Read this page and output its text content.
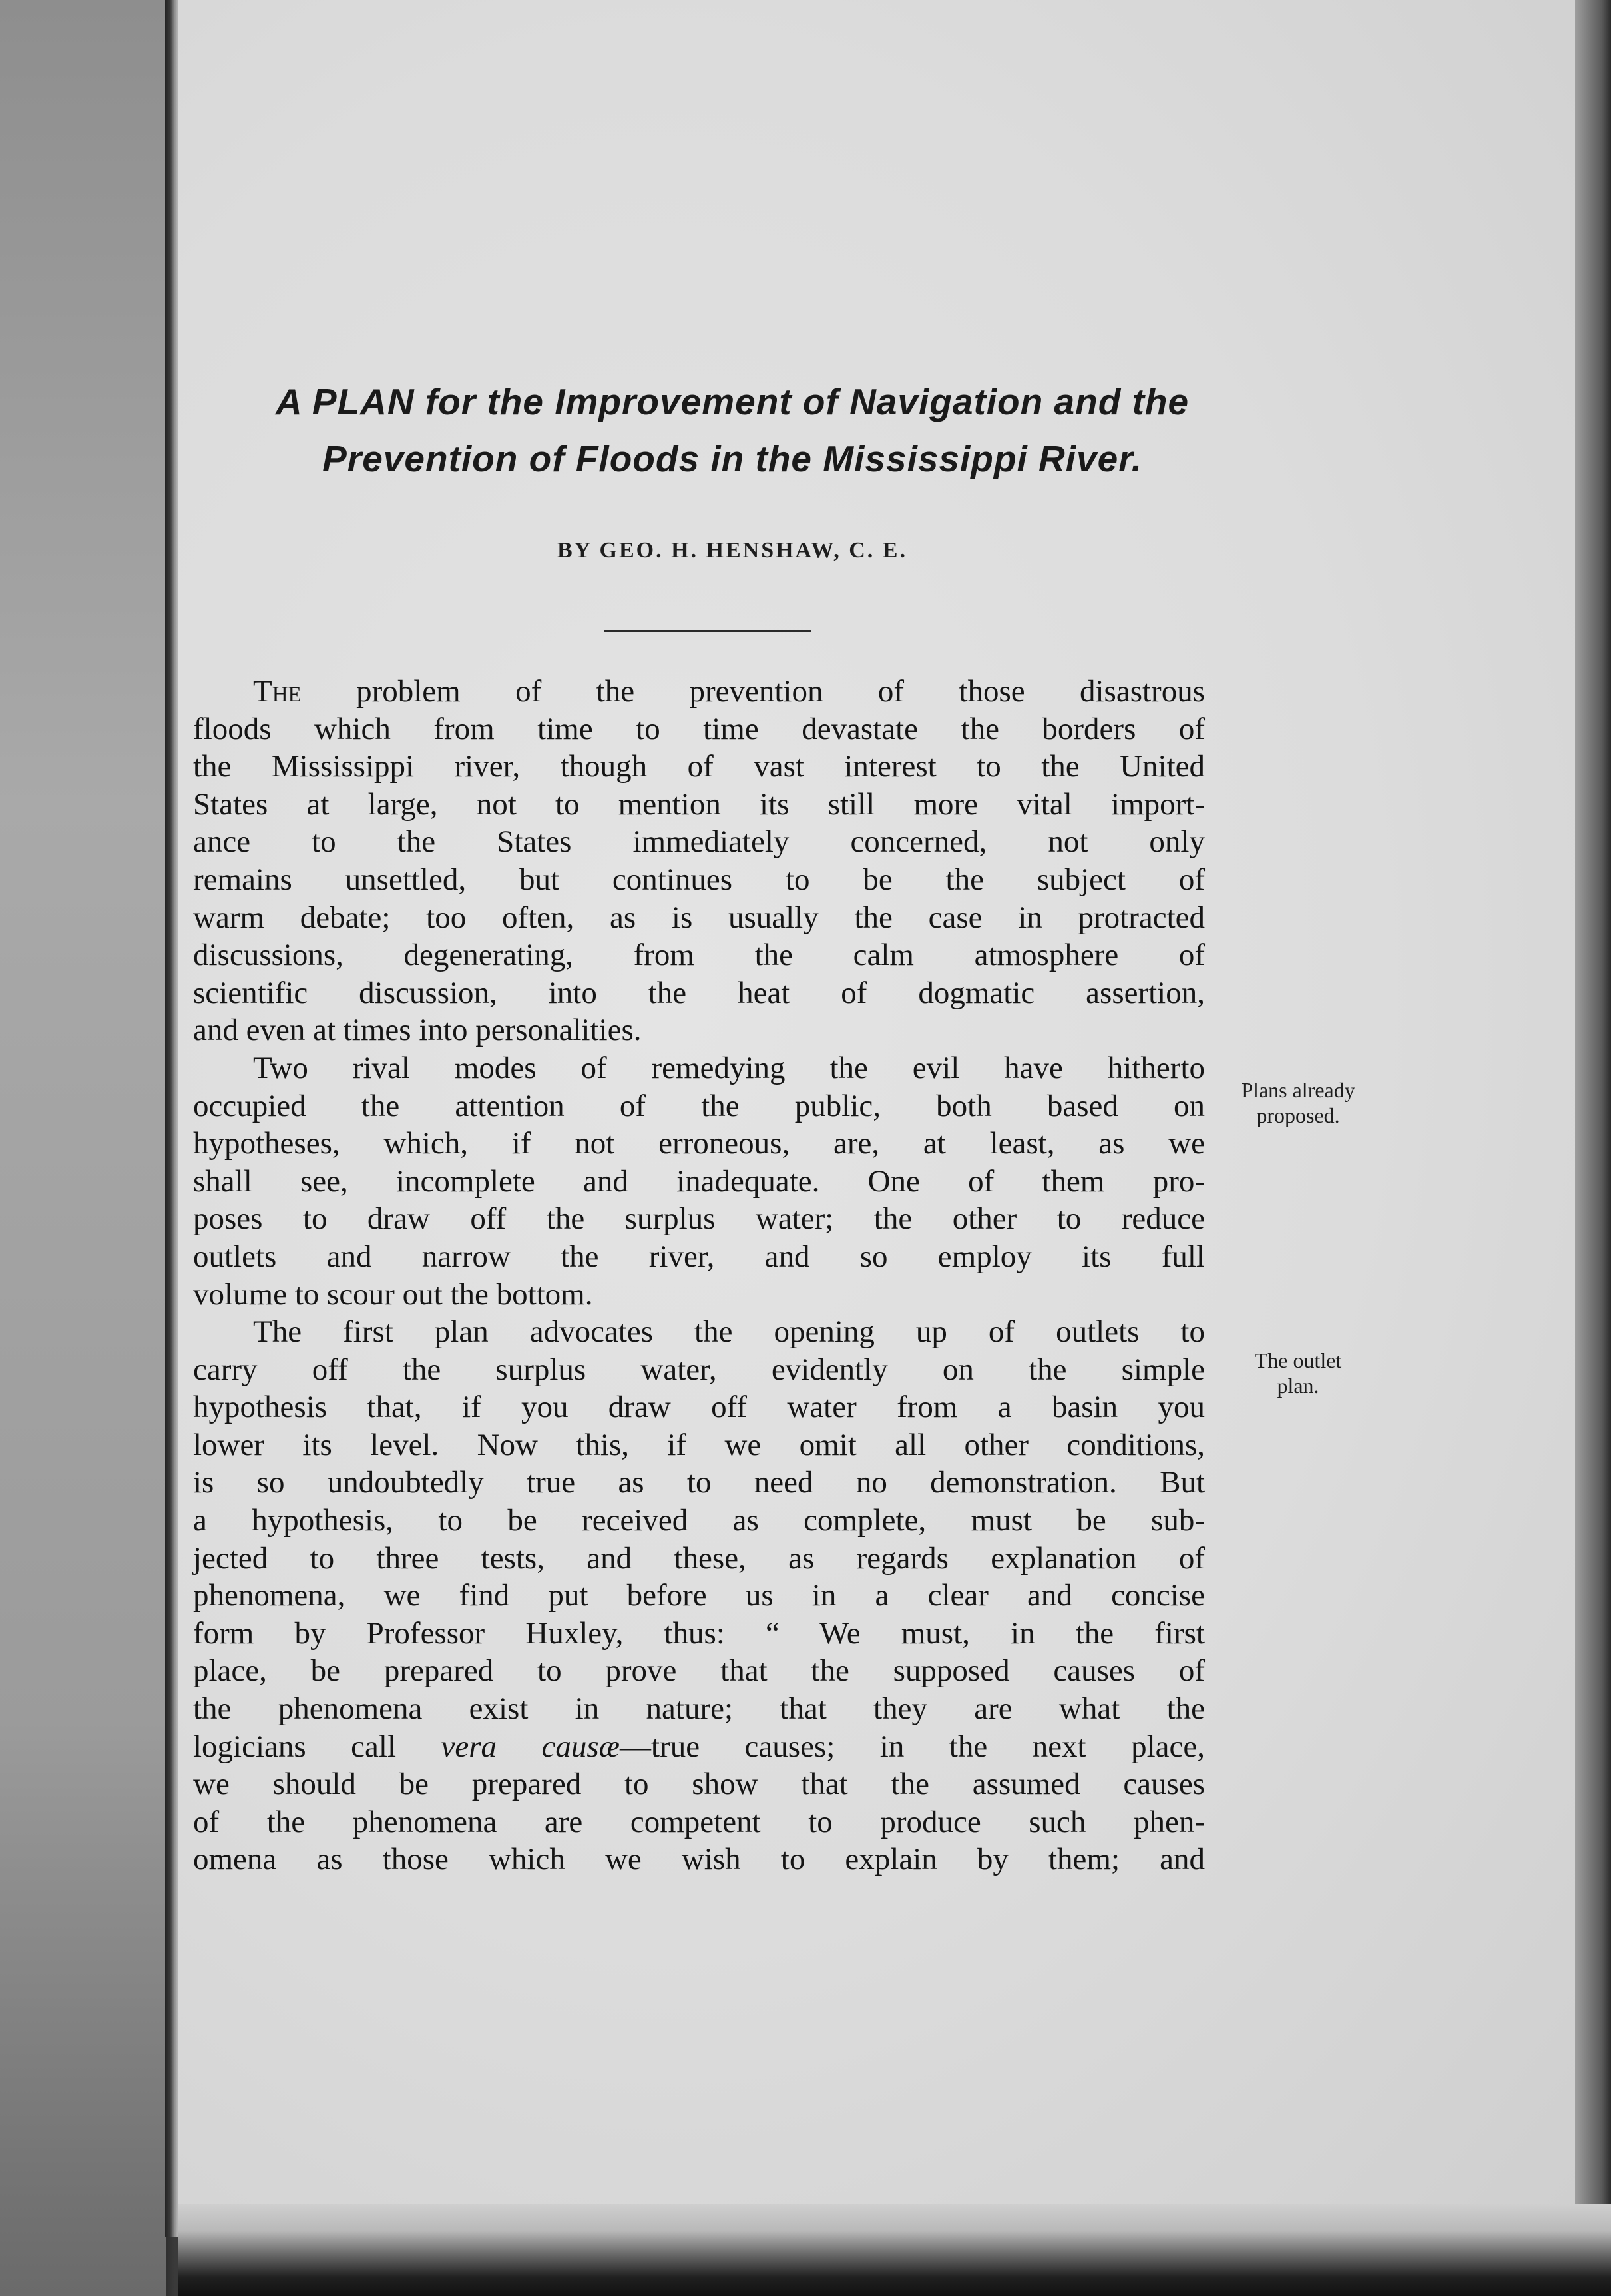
A PLAN for the Improvement of Navigation and the
Prevention of Floods in the Mississippi River.
BY GEO. H. HENSHAW, C. E.
The problem of the prevention of those disastrous
floods which from time to time devastate the borders of
the Mississippi river, though of vast interest to the United
States at large, not to mention its still more vital import-
ance to the States immediately concerned, not only
remains unsettled, but continues to be the subject of
warm debate; too often, as is usually the case in protracted
discussions, degenerating, from the calm atmosphere of
scientific discussion, into the heat of dogmatic assertion,
and even at times into personalities.
Two rival modes of remedying the evil have hitherto
occupied the attention of the public, both based on
hypotheses, which, if not erroneous, are, at least, as we
shall see, incomplete and inadequate. One of them pro-
poses to draw off the surplus water; the other to reduce
outlets and narrow the river, and so employ its full
volume to scour out the bottom.
The first plan advocates the opening up of outlets to
carry off the surplus water, evidently on the simple
hypothesis that, if you draw off water from a basin you
lower its level. Now this, if we omit all other conditions,
is so undoubtedly true as to need no demonstration. But
a hypothesis, to be received as complete, must be sub-
jected to three tests, and these, as regards explanation of
phenomena, we find put before us in a clear and concise
form by Professor Huxley, thus: “ We must, in the first
place, be prepared to prove that the supposed causes of
the phenomena exist in nature; that they are what the
logicians call vera causæ—true causes; in the next place,
we should be prepared to show that the assumed causes
of the phenomena are competent to produce such phen-
omena as those which we wish to explain by them; and
Plans already
proposed.
The outlet
plan.
